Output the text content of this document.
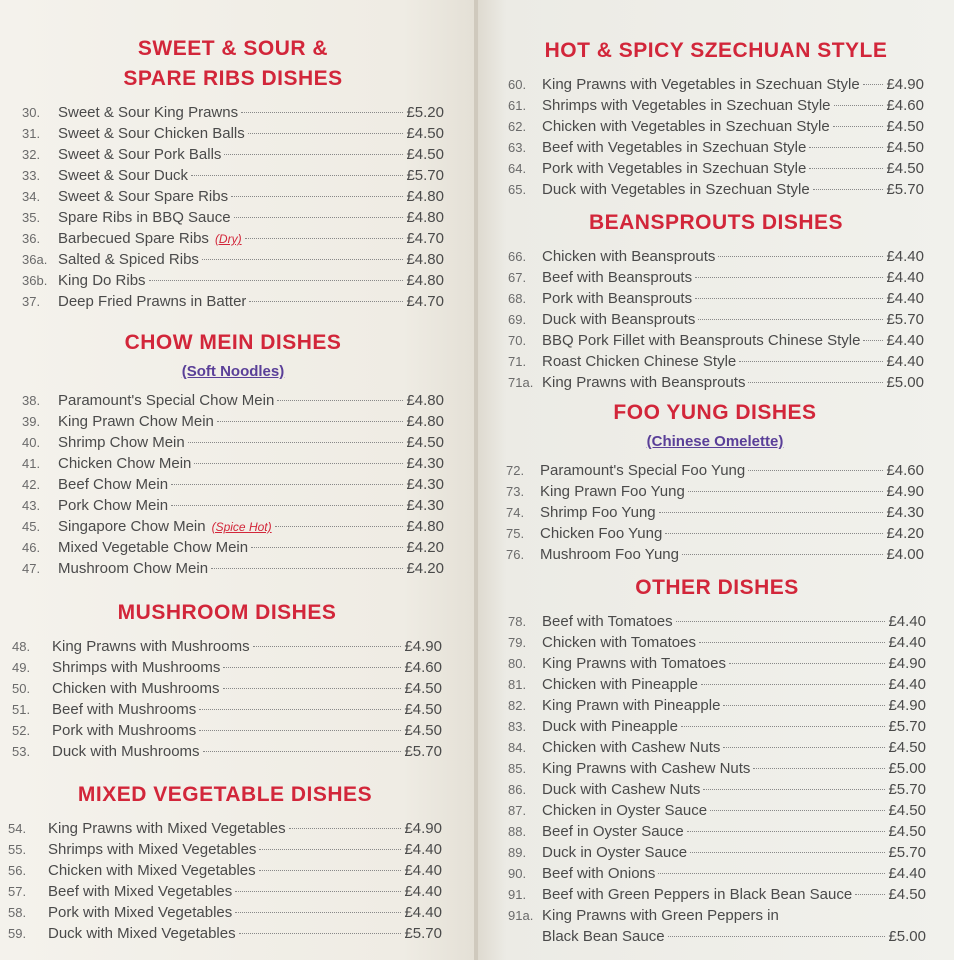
SWEET & SOUR &
SPARE RIBS DISHES
30.	Sweet & Sour King Prawns	£5.20
31.	Sweet & Sour Chicken Balls	£4.50
32.	Sweet & Sour Pork Balls	£4.50
33.	Sweet & Sour Duck	£5.70
34.	Sweet & Sour Spare Ribs	£4.80
35.	Spare Ribs in BBQ Sauce	£4.80
36.	Barbecued Spare Ribs (Dry)	£4.70
36a. Salted & Spiced Ribs	£4.80
36b. King Do Ribs	£4.80
37.	Deep Fried Prawns in Batter	£4.70
CHOW MEIN DISHES
(Soft Noodles)
38.	Paramount's Special Chow Mein	£4.80
39.	King Prawn Chow Mein	£4.80
40.	Shrimp Chow Mein	£4.50
41.	Chicken Chow Mein	£4.30
42.	Beef Chow Mein	£4.30
43.	Pork Chow Mein	£4.30
45.	Singapore Chow Mein (Spice Hot)	£4.80
46.	Mixed Vegetable Chow Mein	£4.20
47.	Mushroom Chow Mein	£4.20
MUSHROOM DISHES
48.	King Prawns with Mushrooms	£4.90
49.	Shrimps with Mushrooms	£4.60
50.	Chicken with Mushrooms	£4.50
51.	Beef with Mushrooms	£4.50
52.	Pork with Mushrooms	£4.50
53.	Duck with Mushrooms	£5.70
MIXED VEGETABLE DISHES
54.	King Prawns with Mixed Vegetables	£4.90
55.	Shrimps with Mixed Vegetables	£4.40
56.	Chicken with Mixed Vegetables	£4.40
57.	Beef with Mixed Vegetables	£4.40
58.	Pork with Mixed Vegetables	£4.40
59.	Duck with Mixed Vegetables	£5.70
HOT & SPICY SZECHUAN STYLE
60.	King Prawns with Vegetables in Szechuan Style £4.90
61.	Shrimps with Vegetables in Szechuan Style	£4.60
62.	Chicken with Vegetables in Szechuan Style	£4.50
63.	Beef with Vegetables in Szechuan Style	£4.50
64.	Pork with Vegetables in Szechuan Style	£4.50
65.	Duck with Vegetables in Szechuan Style	£5.70
BEANSPROUTS DISHES
66.	Chicken with Beansprouts	£4.40
67.	Beef with Beansprouts	£4.40
68.	Pork with Beansprouts	£4.40
69.	Duck with Beansprouts	£5.70
70.	BBQ Pork Fillet with Beansprouts Chinese Style £4.40
71.	Roast Chicken Chinese Style	£4.40
71a. King Prawns with Beansprouts	£5.00
FOO YUNG DISHES
(Chinese Omelette)
72.	Paramount's Special Foo Yung	£4.60
73.	King Prawn Foo Yung	£4.90
74.	Shrimp Foo Yung	£4.30
75.	Chicken Foo Yung	£4.20
76.	Mushroom Foo Yung	£4.00
OTHER DISHES
78.	Beef with Tomatoes	£4.40
79.	Chicken with Tomatoes	£4.40
80.	King Prawns with Tomatoes	£4.90
81.	Chicken with Pineapple	£4.40
82.	King Prawn with Pineapple	£4.90
83.	Duck with Pineapple	£5.70
84.	Chicken with Cashew Nuts	£4.50
85.	King Prawns with Cashew Nuts	£5.00
86.	Duck with Cashew Nuts	£5.70
87.	Chicken in Oyster Sauce	£4.50
88.	Beef in Oyster Sauce	£4.50
89.	Duck in Oyster Sauce	£5.70
90.	Beef with Onions	£4.40
91.	Beef with Green Peppers in Black Bean Sauce £4.50
91a. King Prawns with Green Peppers in
Black Bean Sauce	£5.00
